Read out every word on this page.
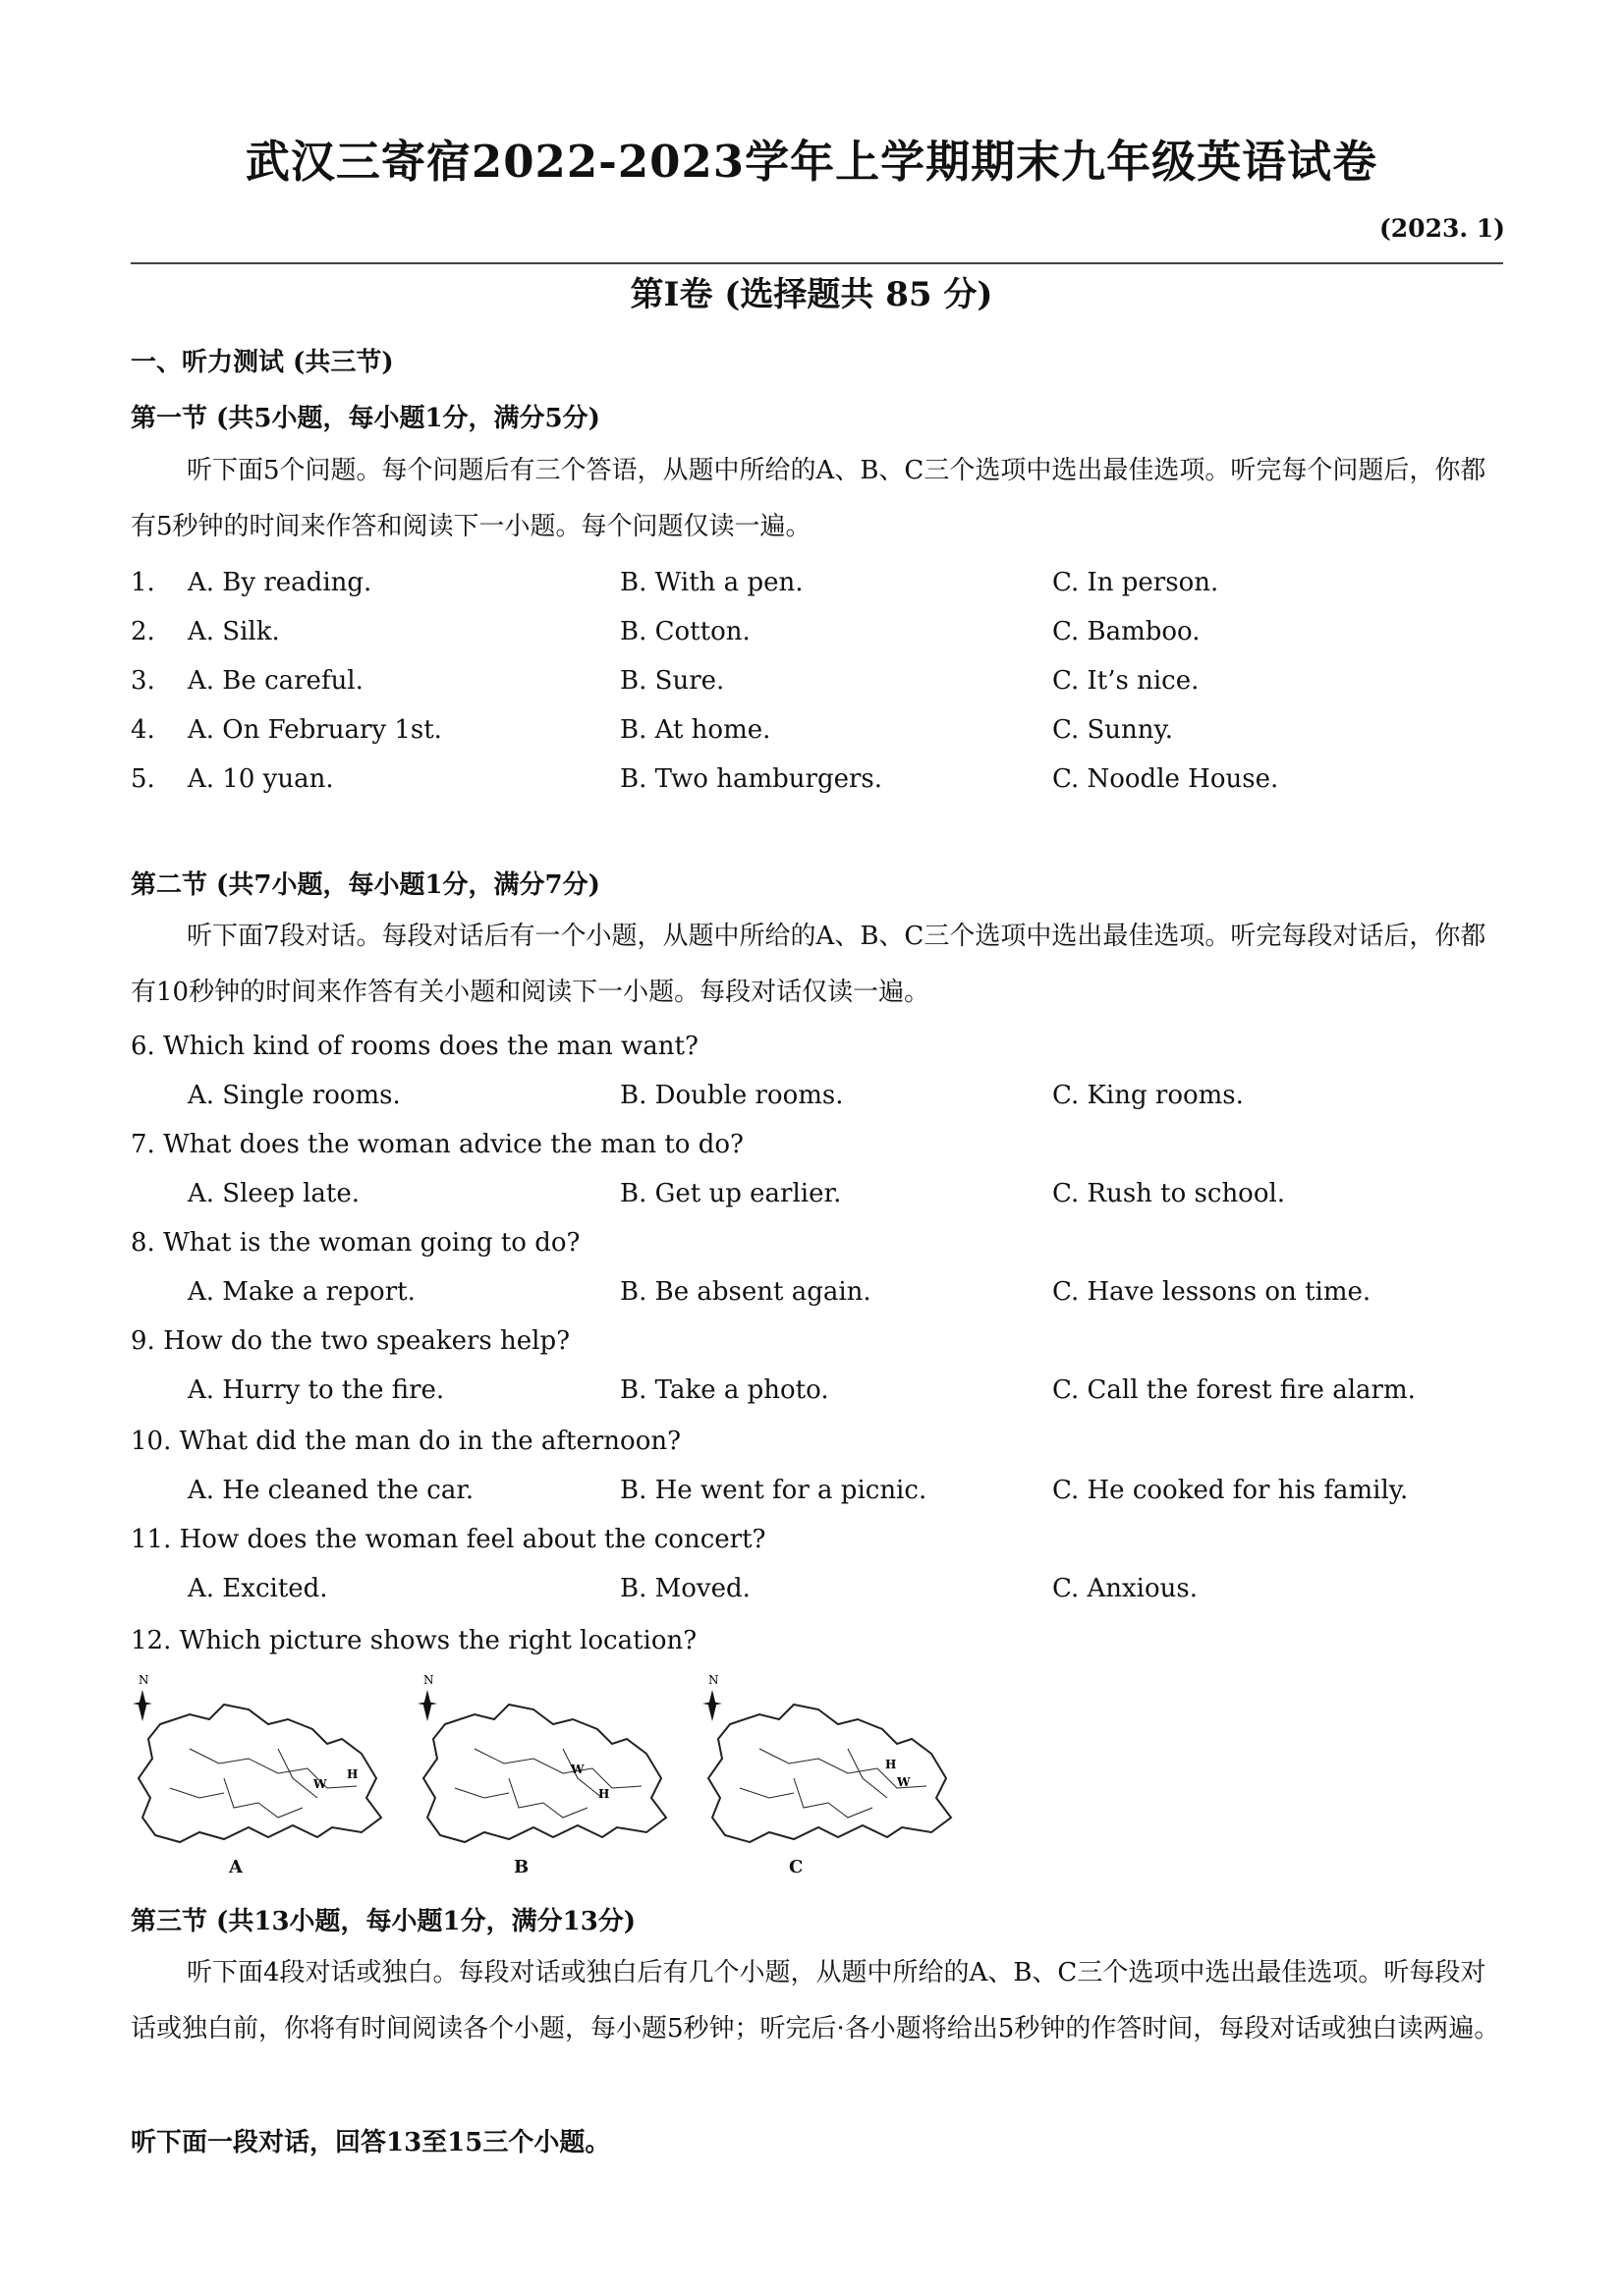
武汉三寄宿2022-2023学年上学期期末九年级英语试卷
(2023. 1)
第Ⅰ卷 (选择题共 85 分)
一、听力测试 (共三节)
第一节 (共5小题，每小题1分，满分5分)
听下面5个问题。每个问题后有三个答语，从题中所给的A、B、C三个选项中选出最佳选项。听完每个问题后，你都有5秒钟的时间来作答和阅读下一小题。每个问题仅读一遍。
1. A. By reading.	B. With a pen.	C. In person.
2. A. Silk.	B. Cotton.	C. Bamboo.
3. A. Be careful.	B. Sure.	C. It’s nice.
4. A. On February 1st.	B. At home.	C. Sunny.
5. A. 10 yuan.	B. Two hamburgers.	C. Noodle House.
第二节 (共7小题，每小题1分，满分7分)
听下面7段对话。每段对话后有一个小题，从题中所给的A、B、C三个选项中选出最佳选项。听完每段对话后，你都有10秒钟的时间来作答有关小题和阅读下一小题。每段对话仅读一遍。
6. Which kind of rooms does the man want?
A. Single rooms.	B. Double rooms.	C. King rooms.
7. What does the woman advice the man to do?
A. Sleep late.	B. Get up earlier.	C. Rush to school.
8. What is the woman going to do?
A. Make a report.	B. Be absent again.	C. Have lessons on time.
9. How do the two speakers help?
A. Hurry to the fire.	B. Take a photo.	C. Call the forest fire alarm.
10. What did the man do in the afternoon?
A. He cleaned the car.	B. He went for a picnic.	C. He cooked for his family.
11. How does the woman feel about the concert?
A. Excited.	B. Moved.	C. Anxious.
12. Which picture shows the right location?
N
W
H
A
N
W
H
B
N
W
H
C
第三节 (共13小题，每小题1分，满分13分)
听下面4段对话或独白。每段对话或独白后有几个小题，从题中所给的A、B、C三个选项中选出最佳选项。听每段对话或独白前，你将有时间阅读各个小题，每小题5秒钟；听完后·各小题将给出5秒钟的作答时间，每段对话或独白读两遍。
听下面一段对话，回答13至15三个小题。
